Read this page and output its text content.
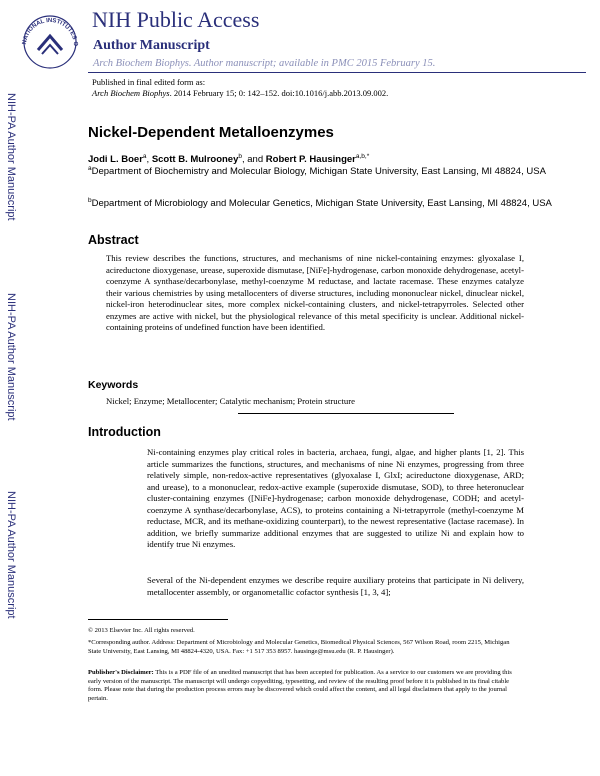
NATIONAL INSTITUTES O
NIH Public Access
Author Manuscript
Arch Biochem Biophys. Author manuscript; available in PMC 2015 February 15.
Published in final edited form as:
Arch Biochem Biophys. 2014 February 15; 0: 142–152. doi:10.1016/j.abb.2013.09.002.
NIH-PA Author Manuscript
NIH-PA Author Manuscript
NIH-PA Author Manuscript
Nickel-Dependent Metalloenzymes
Jodi L. Boer$^a$, Scott B. Mulrooney$^b$, and Robert P. Hausinger$^{a,b,*}$
$^a$Department of Biochemistry and Molecular Biology, Michigan State University, East Lansing, MI 48824, USA
$^b$Department of Microbiology and Molecular Genetics, Michigan State University, East Lansing, MI 48824, USA
Abstract
This review describes the functions, structures, and mechanisms of nine nickel-containing enzymes: glyoxalase I, acireductone dioxygenase, urease, superoxide dismutase, [NiFe]-hydrogenase, carbon monoxide dehydrogenase, acetyl-coenzyme A synthase/decarbonylase, methyl-coenzyme M reductase, and lactate racemase. These enzymes catalyze their various chemistries by using metallocenters of diverse structures, including mononuclear nickel, dinuclear nickel, nickel-iron heterodinuclear sites, more complex nickel-containing clusters, and nickel-tetrapyrroles. Selected other enzymes are active with nickel, but the physiological relevance of this metal specificity is unclear. Additional nickel-containing proteins of undefined function have been identified.
Keywords
Nickel; Enzyme; Metallocenter; Catalytic mechanism; Protein structure
Introduction
Ni-containing enzymes play critical roles in bacteria, archaea, fungi, algae, and higher plants [1, 2]. This article summarizes the functions, structures, and mechanisms of nine Ni enzymes, progressing from three relatively simple, non-redox-active representatives (glyoxalase I, GlxI; acireductone dioxygenase, ARD; and urease), to a mononuclear, redox-active example (superoxide dismutase, SOD), to three heteronuclear cluster-containing enzymes ([NiFe]-hydrogenase; carbon monoxide dehydrogenase, CODH; and acetyl-coenzyme A synthase/decarbonylase, ACS), to proteins containing a Ni-tetrapyrrole (methyl-coenzyme M reductase, MCR, and its methane-oxidizing counterpart), to the newest representative (lactase racemase). In addition, we briefly summarize additional enzymes that are suggested to utilize Ni and explain how to identify true Ni enzymes.
Several of the Ni-dependent enzymes we describe require auxiliary proteins that participate in Ni delivery, metallocenter assembly, or organometallic cofactor synthesis [1, 3, 4];
© 2013 Elsevier Inc. All rights reserved.
*Corresponding author. Address: Department of Microbiology and Molecular Genetics, Biomedical Physical Sciences, 567 Wilson Road, room 2215, Michigan State University, East Lansing, MI 48824-4320, USA. Fax: +1 517 353 8957. hausinge@msu.edu (R. P. Hausinger).
Publisher's Disclaimer: This is a PDF file of an unedited manuscript that has been accepted for publication. As a service to our customers we are providing this early version of the manuscript. The manuscript will undergo copyediting, typesetting, and review of the resulting proof before it is published in its final citable form. Please note that during the production process errors may be discovered which could affect the content, and all legal disclaimers that apply to the journal pertain.
